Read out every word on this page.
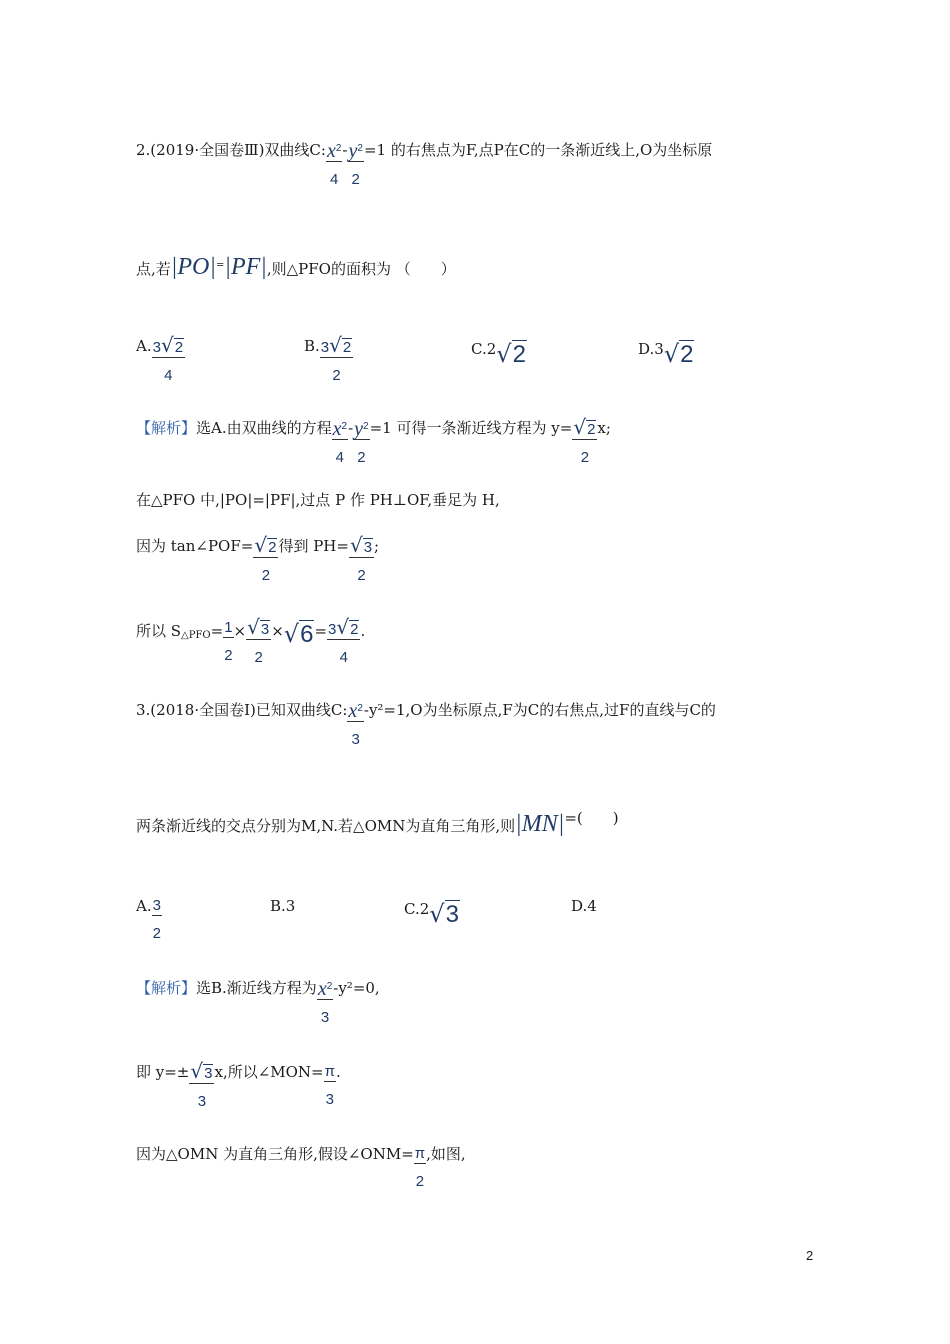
2.(2019·全国卷Ⅲ)双曲线C: $\frac{x^2}{4} - \frac{y^2}{2} =1$ 的右焦点为F,点P在C的一条渐近线上,O为坐标原
点,若|PO|=|PF|,则△PFO的面积为 （　　）
A. $\frac{3√2}{4}$	B. $\frac{3√2}{2}$	C.2√2	D.3√2
【解析】选A.由双曲线的方程 $\frac{x^2}{4} - \frac{y^2}{2} =1$ 可得一条渐近线方程为 $y= \frac{√2}{2} x$;
在△PFO 中,|PO|=|PF|,过点 P 作 PH⊥OF,垂足为 H,
因为 tan∠POF= $\frac{√2}{2}$ 得到 $PH= \frac{√3}{2}$ ;
所以 $S_{\triangle PFO}= \frac{1}{2} \times \frac{√3}{2} \times√6= \frac{3√2}{4}$ .
3.(2018·全国卷Ⅰ)已知双曲线C: $\frac{x^2}{3} -y^2=1,O$为坐标原点,F为C的右焦点,过F的直线与C的
两条渐近线的交点分别为M,N.若△OMN为直角三角形,则|MN|=(　　)
A. $\frac{3}{2}$	B.3	C.2√3	D.4
【解析】选B.渐近线方程为 $\frac{x^2}{3} -y^2=0$,
即 $y=\pm \frac{√3}{3} x$,所以∠MON= $\frac{\pi}{3}$ .
因为△OMN 为直角三角形,假设∠ONM= $\frac{\pi}{2}$ ,如图,
2
